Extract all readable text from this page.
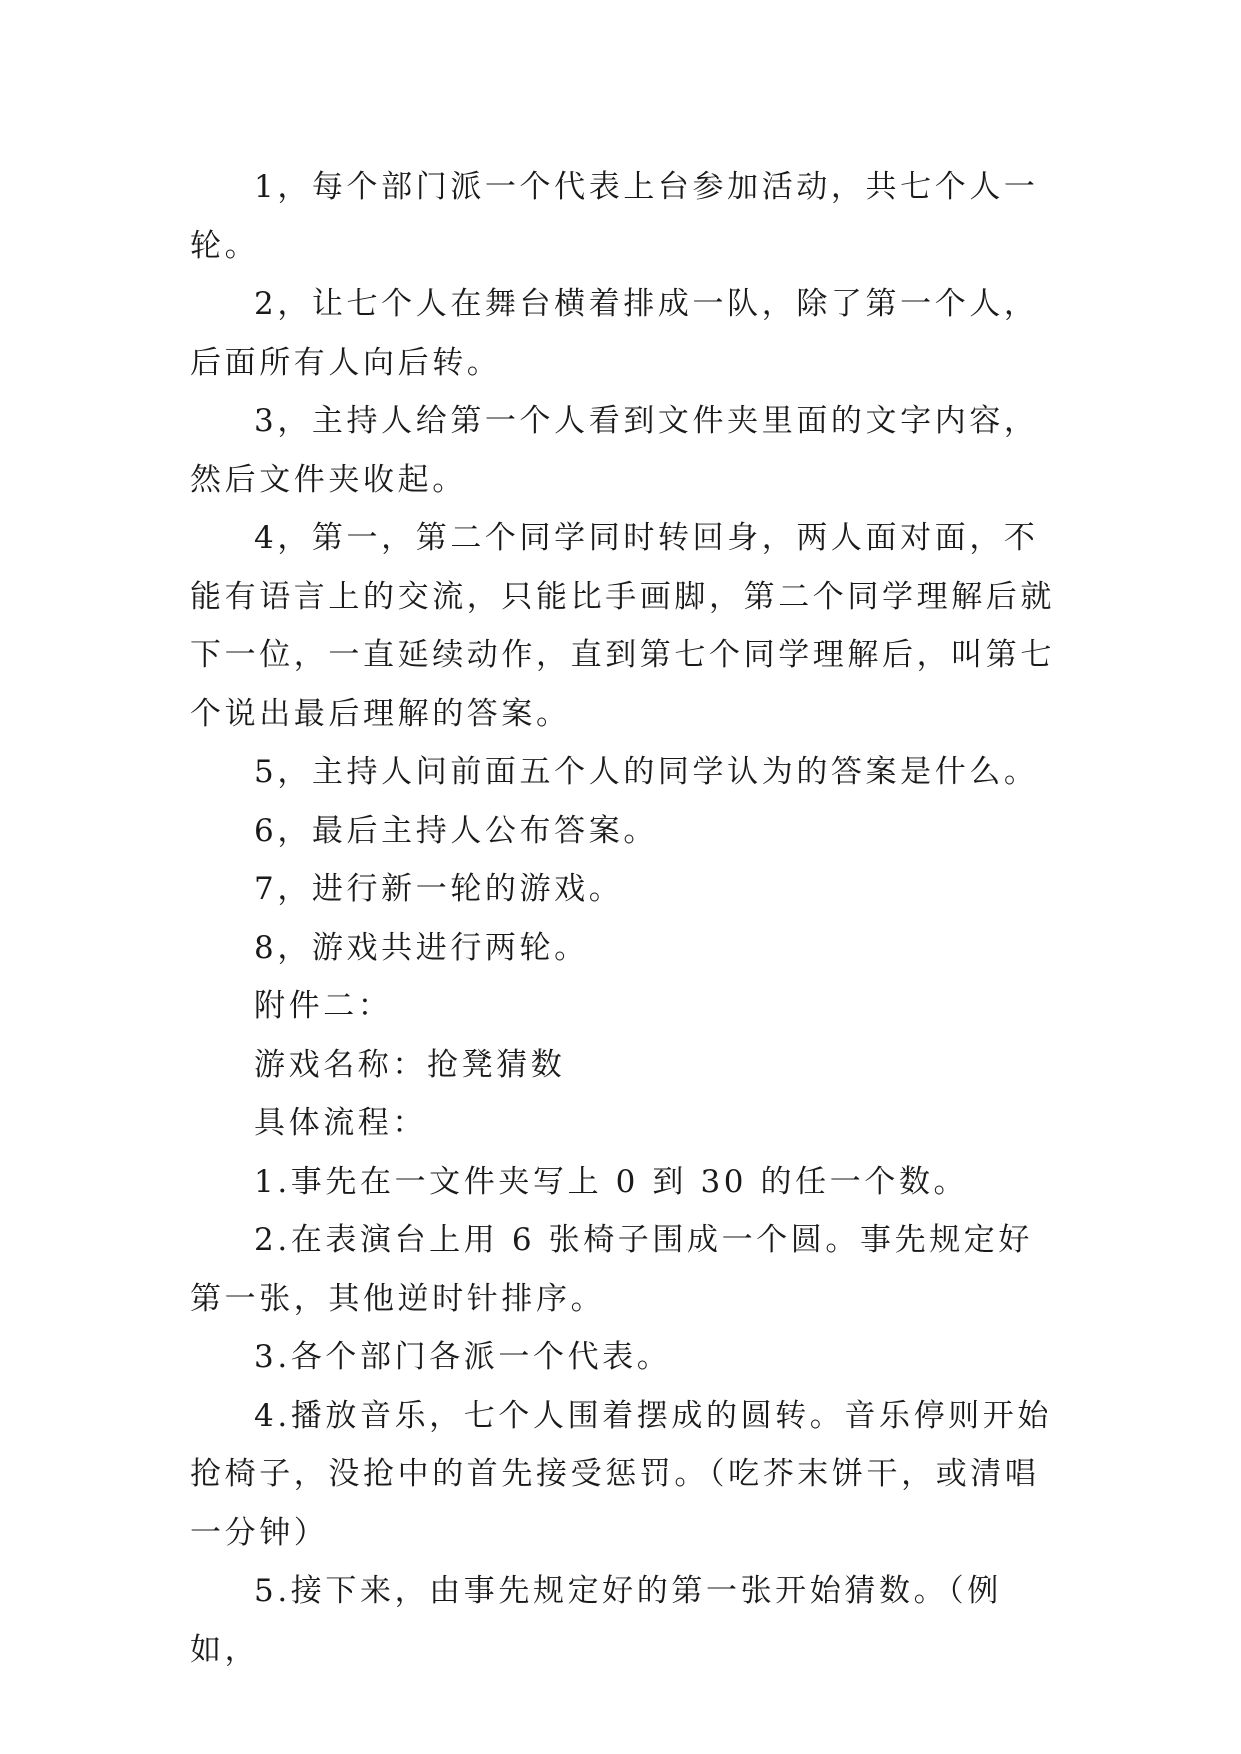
1，每个部门派一个代表上台参加活动，共七个人一轮。

2，让七个人在舞台横着排成一队，除了第一个人，后面所有人向后转。

3，主持人给第一个人看到文件夹里面的文字内容，然后文件夹收起。

4，第一，第二个同学同时转回身，两人面对面，不能有语言上的交流，只能比手画脚，第二个同学理解后就下一位，一直延续动作，直到第七个同学理解后，叫第七个说出最后理解的答案。

5，主持人问前面五个人的同学认为的答案是什么。

6，最后主持人公布答案。

7，进行新一轮的游戏。

8，游戏共进行两轮。

附件二：

游戏名称：抢凳猜数

具体流程：

1.事先在一文件夹写上 0 到 30 的任一个数。

2.在表演台上用 6 张椅子围成一个圆。事先规定好第一张，其他逆时针排序。

3.各个部门各派一个代表。

4.播放音乐，七个人围着摆成的圆转。音乐停则开始抢椅子，没抢中的首先接受惩罚。（吃芥末饼干，或清唱一分钟）

5.接下来，由事先规定好的第一张开始猜数。（例如，
